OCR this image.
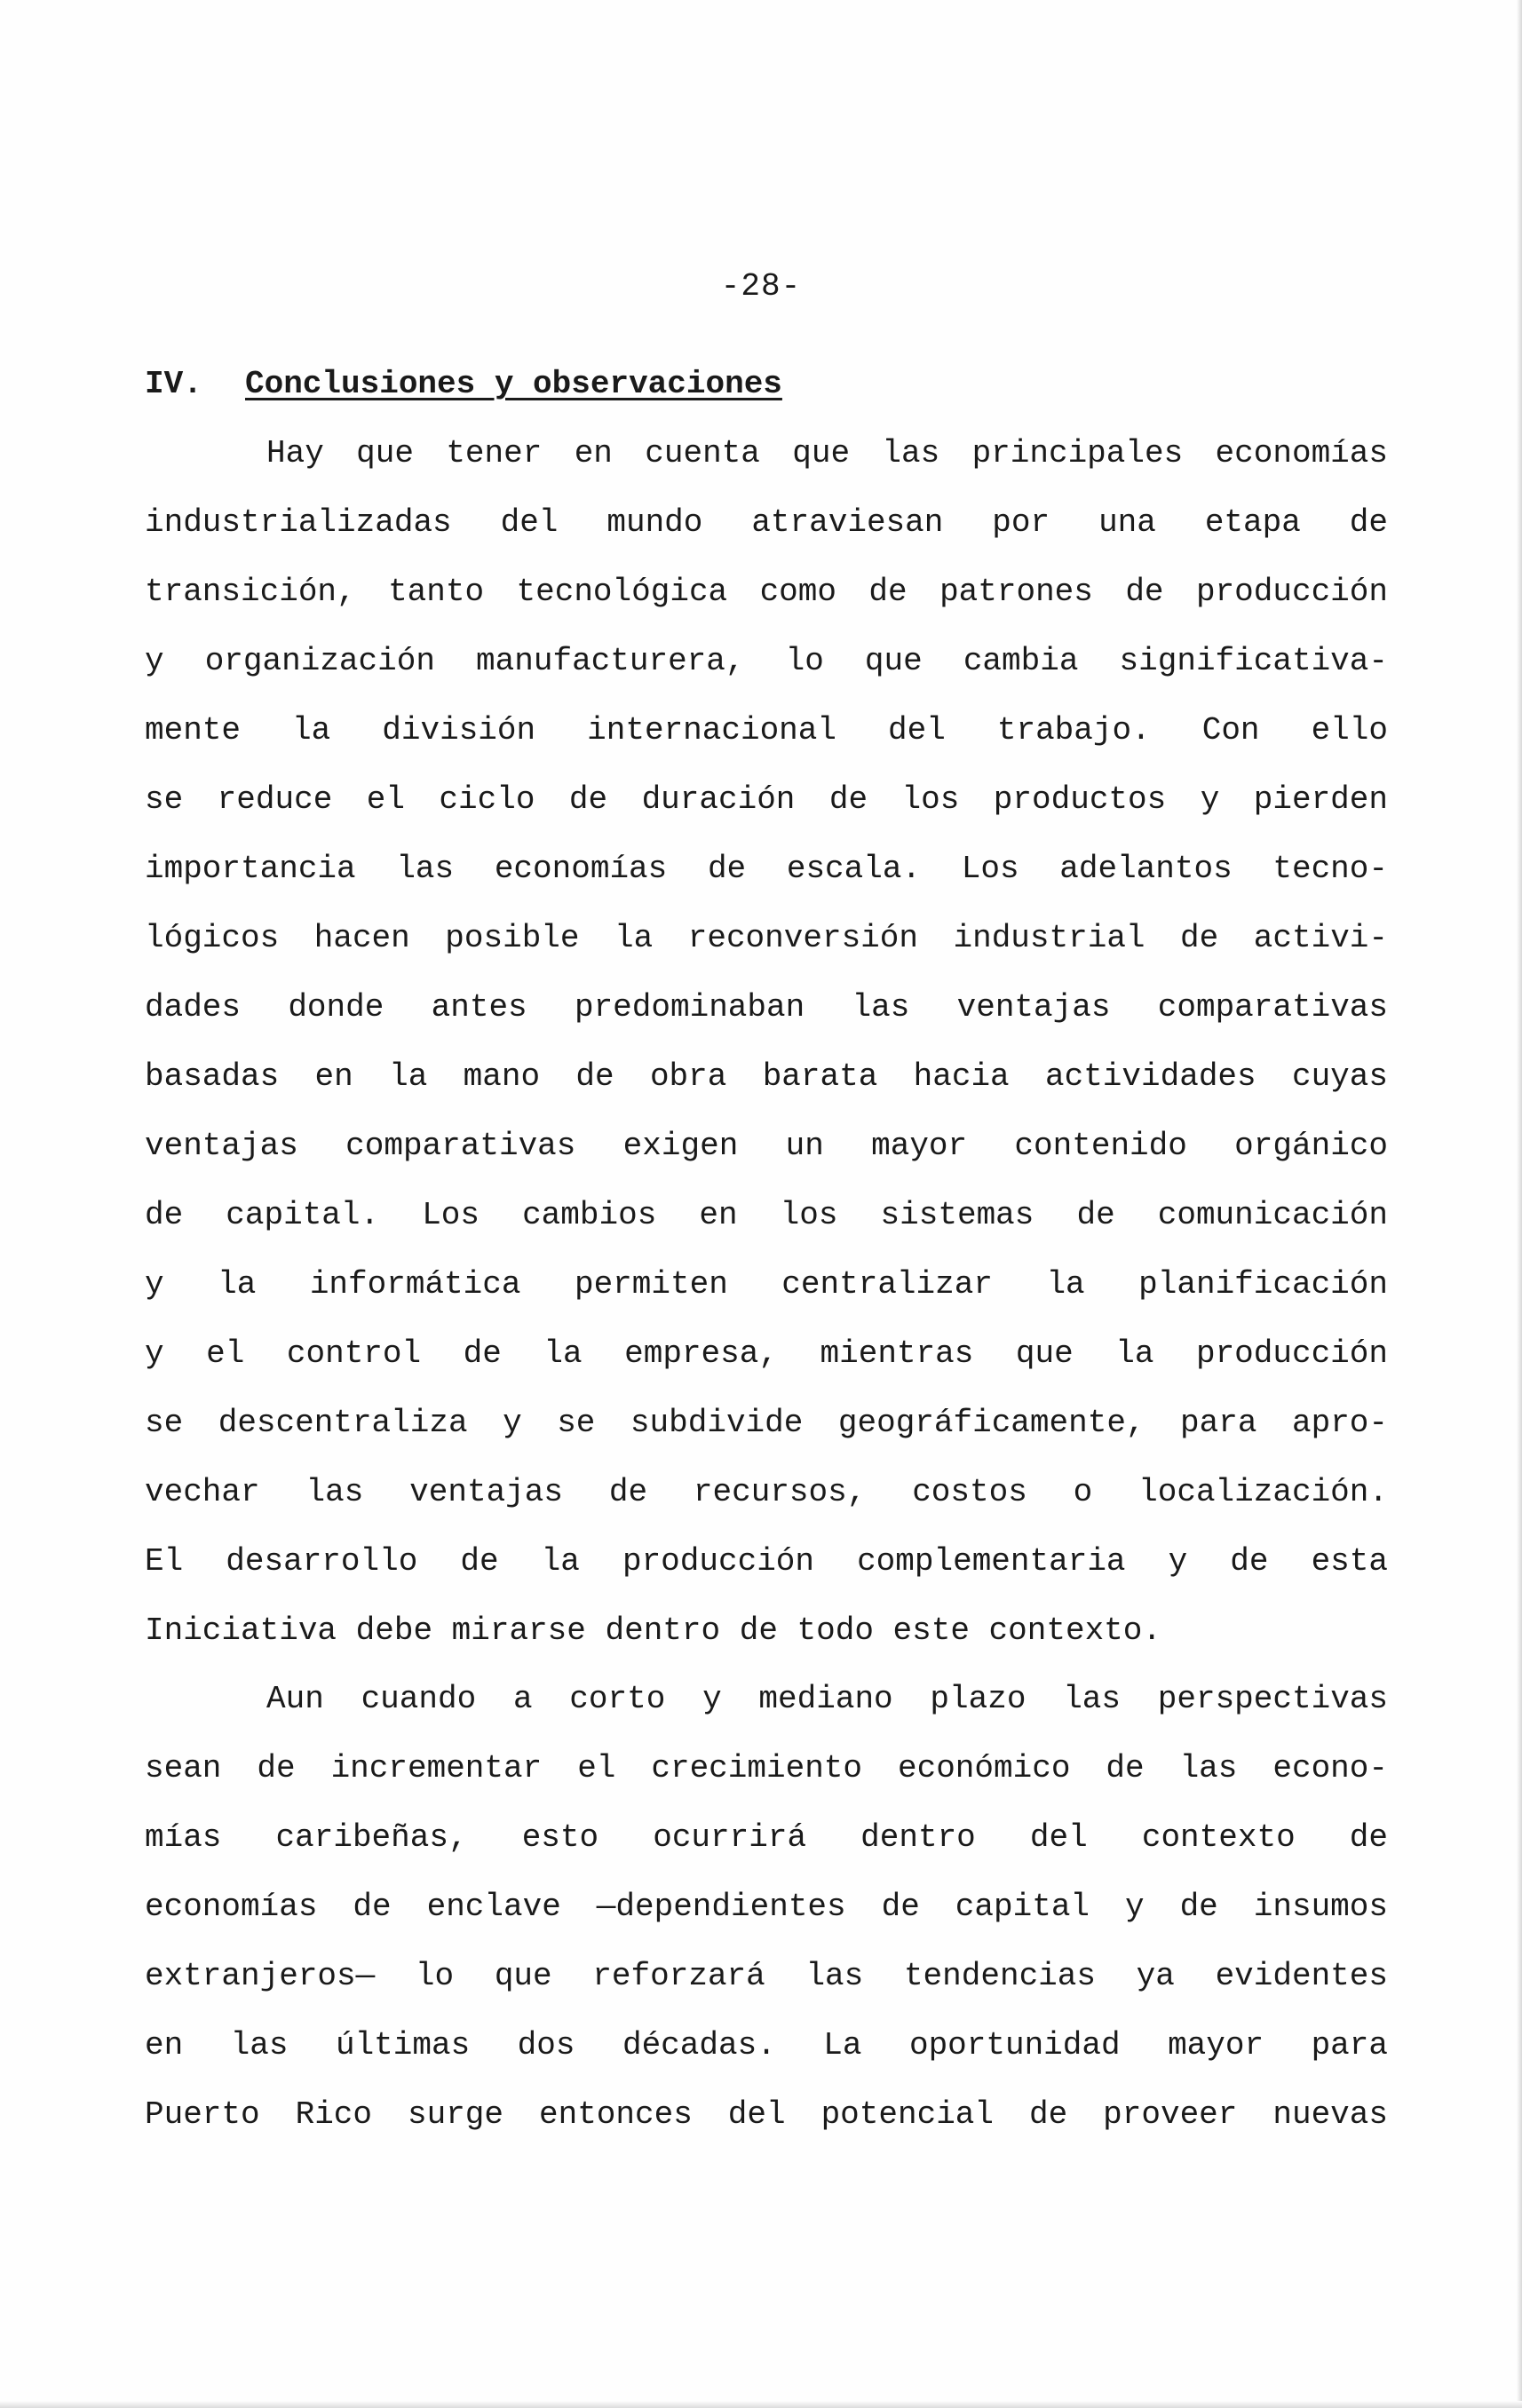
-28-
IV. Conclusiones y observaciones
Hay que tener en cuenta que las principales economías
industrializadas del mundo atraviesan por una etapa de
transición, tanto tecnológica como de patrones de producción
y organización manufacturera, lo que cambia significativa-
mente la división internacional del trabajo. Con ello
se reduce el ciclo de duración de los productos y pierden
importancia las economías de escala. Los adelantos tecno-
lógicos hacen posible la reconversión industrial de activi-
dades donde antes predominaban las ventajas comparativas
basadas en la mano de obra barata hacia actividades cuyas
ventajas comparativas exigen un mayor contenido orgánico
de capital. Los cambios en los sistemas de comunicación
y la informática permiten centralizar la planificación
y el control de la empresa, mientras que la producción
se descentraliza y se subdivide geográficamente, para apro-
vechar las ventajas de recursos, costos o localización.
El desarrollo de la producción complementaria y de esta
Iniciativa debe mirarse dentro de todo este contexto.
Aun cuando a corto y mediano plazo las perspectivas
sean de incrementar el crecimiento económico de las econo-
mías caribeñas, esto ocurrirá dentro del contexto de
economías de enclave —dependientes de capital y de insumos
extranjeros— lo que reforzará las tendencias ya evidentes
en las últimas dos décadas. La oportunidad mayor para
Puerto Rico surge entonces del potencial de proveer nuevas
